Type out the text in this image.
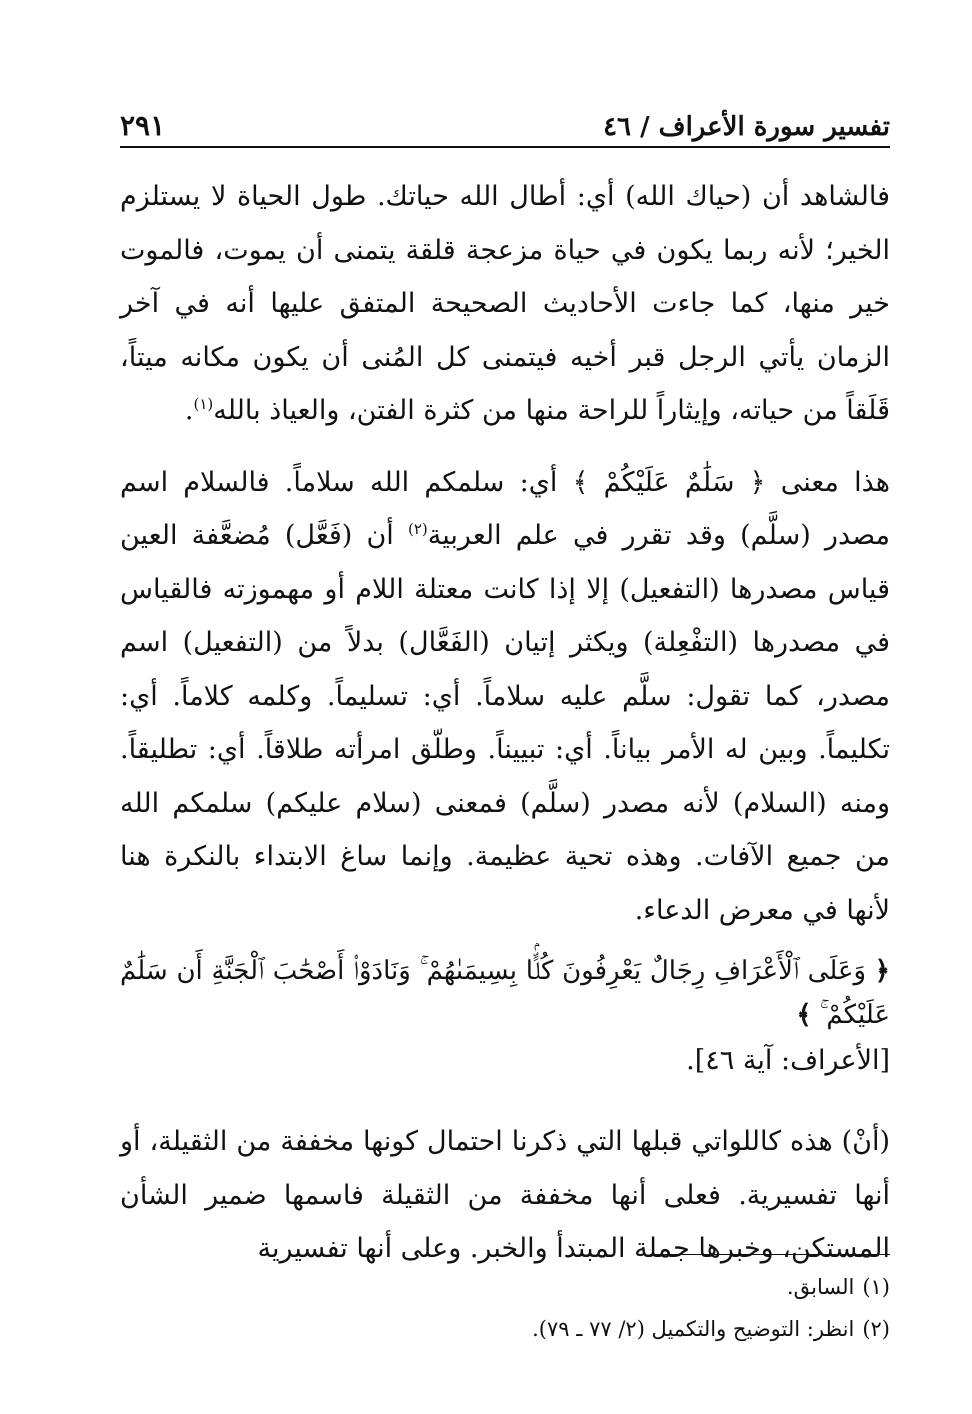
تفسير سورة الأعراف / ٤٦
٢٩١

فالشاهد أن (حياك الله) أي: أطال الله حياتك. طول الحياة لا يستلزم الخير؛ لأنه ربما يكون في حياة مزعجة قلقة يتمنى أن يموت، فالموت خير منها، كما جاءت الأحاديث الصحيحة المتفق عليها أنه في آخر الزمان يأتي الرجل قبر أخيه فيتمنى كل المُنى أن يكون مكانه ميتاً، قَلَقاً من حياته، وإيثاراً للراحة منها من كثرة الفتن، والعياذ بالله$^{(١)}$.

هذا معنى ﴿ سَلَٰمٌ عَلَيْكُمْ ﴾ أي: سلمكم الله سلاماً. فالسلام اسم مصدر (سلَّم) وقد تقرر في علم العربية$^{(٢)}$ أن (فَعَّل) مُضعَّفة العين قياس مصدرها (التفعيل) إلا إذا كانت معتلة اللام أو مهموزته فالقياس في مصدرها (التفْعِلة) ويكثر إتيان (الفَعَّال) بدلاً من (التفعيل) اسم مصدر، كما تقول: سلَّم عليه سلاماً. أي: تسليماً. وكلمه كلاماً. أي: تكليماً. وبين له الأمر بياناً. أي: تبييناً. وطلّق امرأته طلاقاً. أي: تطليقاً. ومنه (السلام) لأنه مصدر (سلَّم) فمعنى (سلام عليكم) سلمكم الله من جميع الآفات. وهذه تحية عظيمة. وإنما ساغ الابتداء بالنكرة هنا لأنها في معرض الدعاء.

﴿ وَعَلَى ٱلْأَعْرَافِ رِجَالٌ يَعْرِفُونَ كُلًّۢا بِسِيمَىٰهُمْ ۚ وَنَادَوْا۟ أَصْحَٰبَ ٱلْجَنَّةِ أَن سَلَٰمٌ عَلَيْكُمْ ۚ ﴾

[الأعراف: آية ٤٦].

(أنْ) هذه كاللواتي قبلها التي ذكرنا احتمال كونها مخففة من الثقيلة، أو أنها تفسيرية. فعلى أنها مخففة من الثقيلة فاسمها ضمير الشأن المستكن، وخبرها جملة المبتدأ والخبر. وعلى أنها تفسيرية

(١)السابق.
(٢)انظر: التوضيح والتكميل (٢/ ٧٧ ـ ٧٩).
